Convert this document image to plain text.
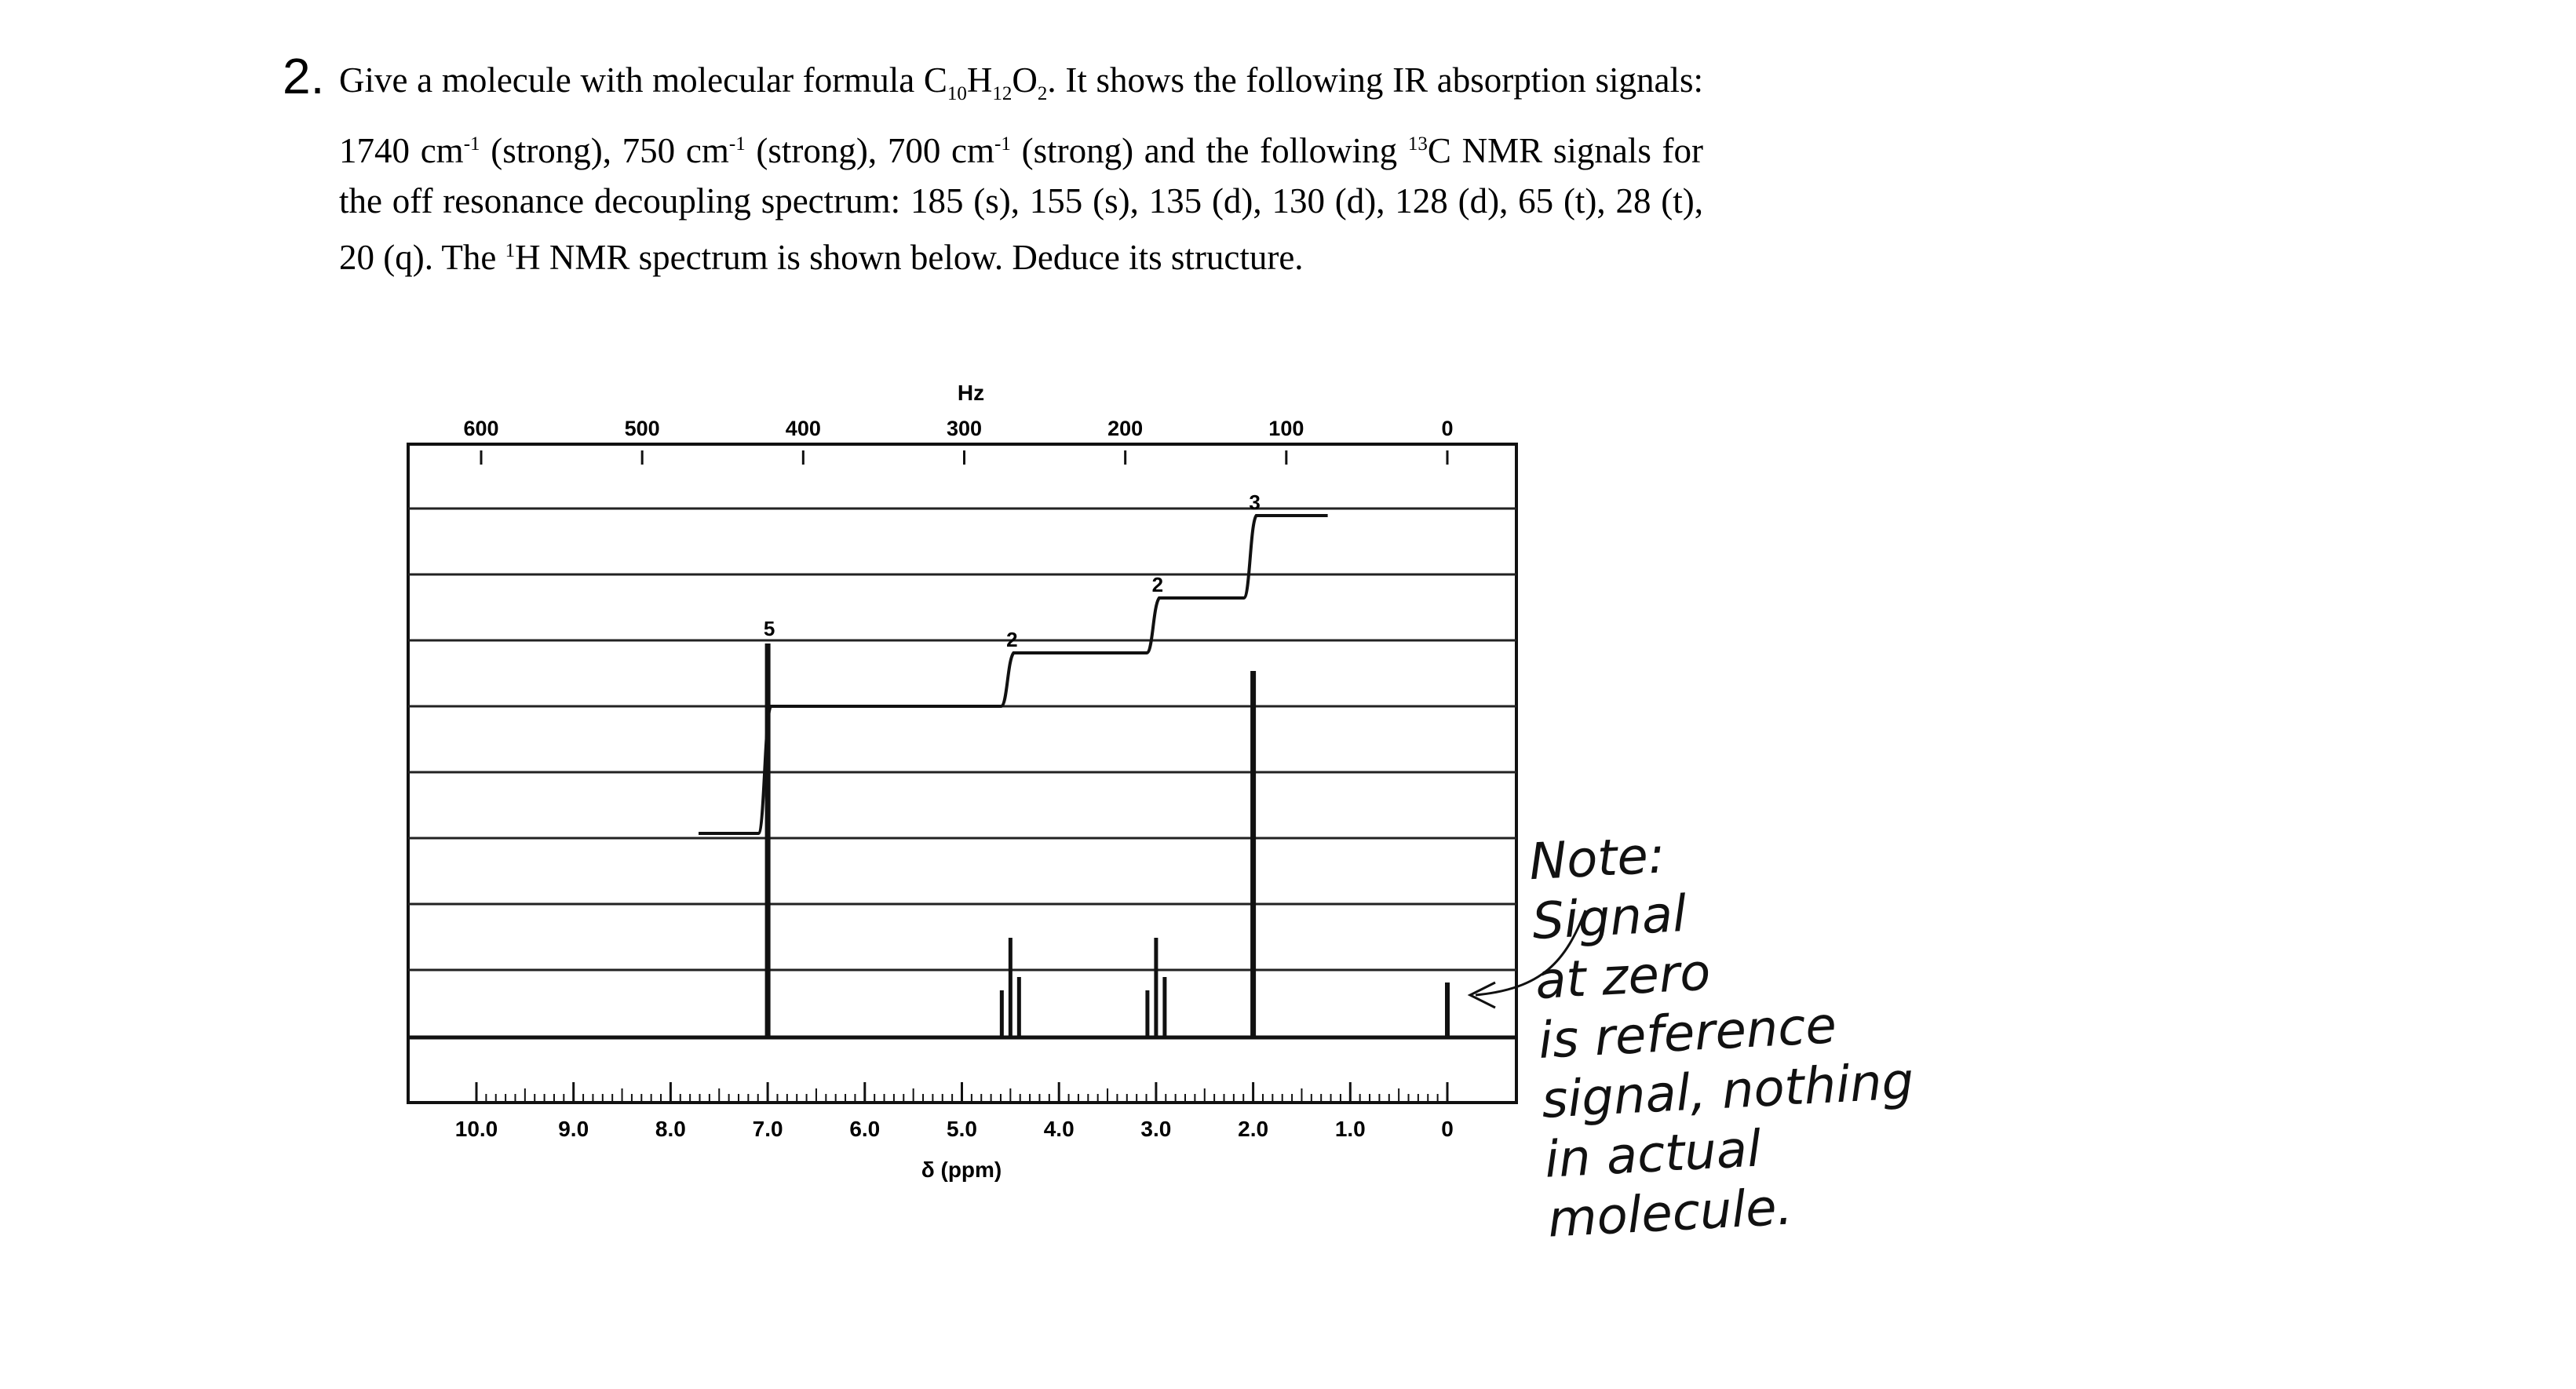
2. Give a molecule with molecular formula $C_{10}H_{12}O_2$. It shows the following IR absorption signals: 1740 $cm^{-1}$ (strong), 750 $cm^{-1}$ (strong), 700 $cm^{-1}$ (strong) and the following $^{13}$C NMR signals for the off resonance decoupling spectrum: 185 (s), 155 (s), 135 (d), 130 (d), 128 (d), 65 (t), 28 (t), 20 (q). The $^1$H NMR spectrum is shown below. Deduce its structure.

Hz
600	500	400	300	200	100	0
10.0	9.0	8.0	7.0	6.0	5.0	4.0	3.0	2.0	1.0	0
δ (ppm)
5	2
2
3
Note:
Signal
at zero
is reference
signal, nothing
in actual
molecule.
